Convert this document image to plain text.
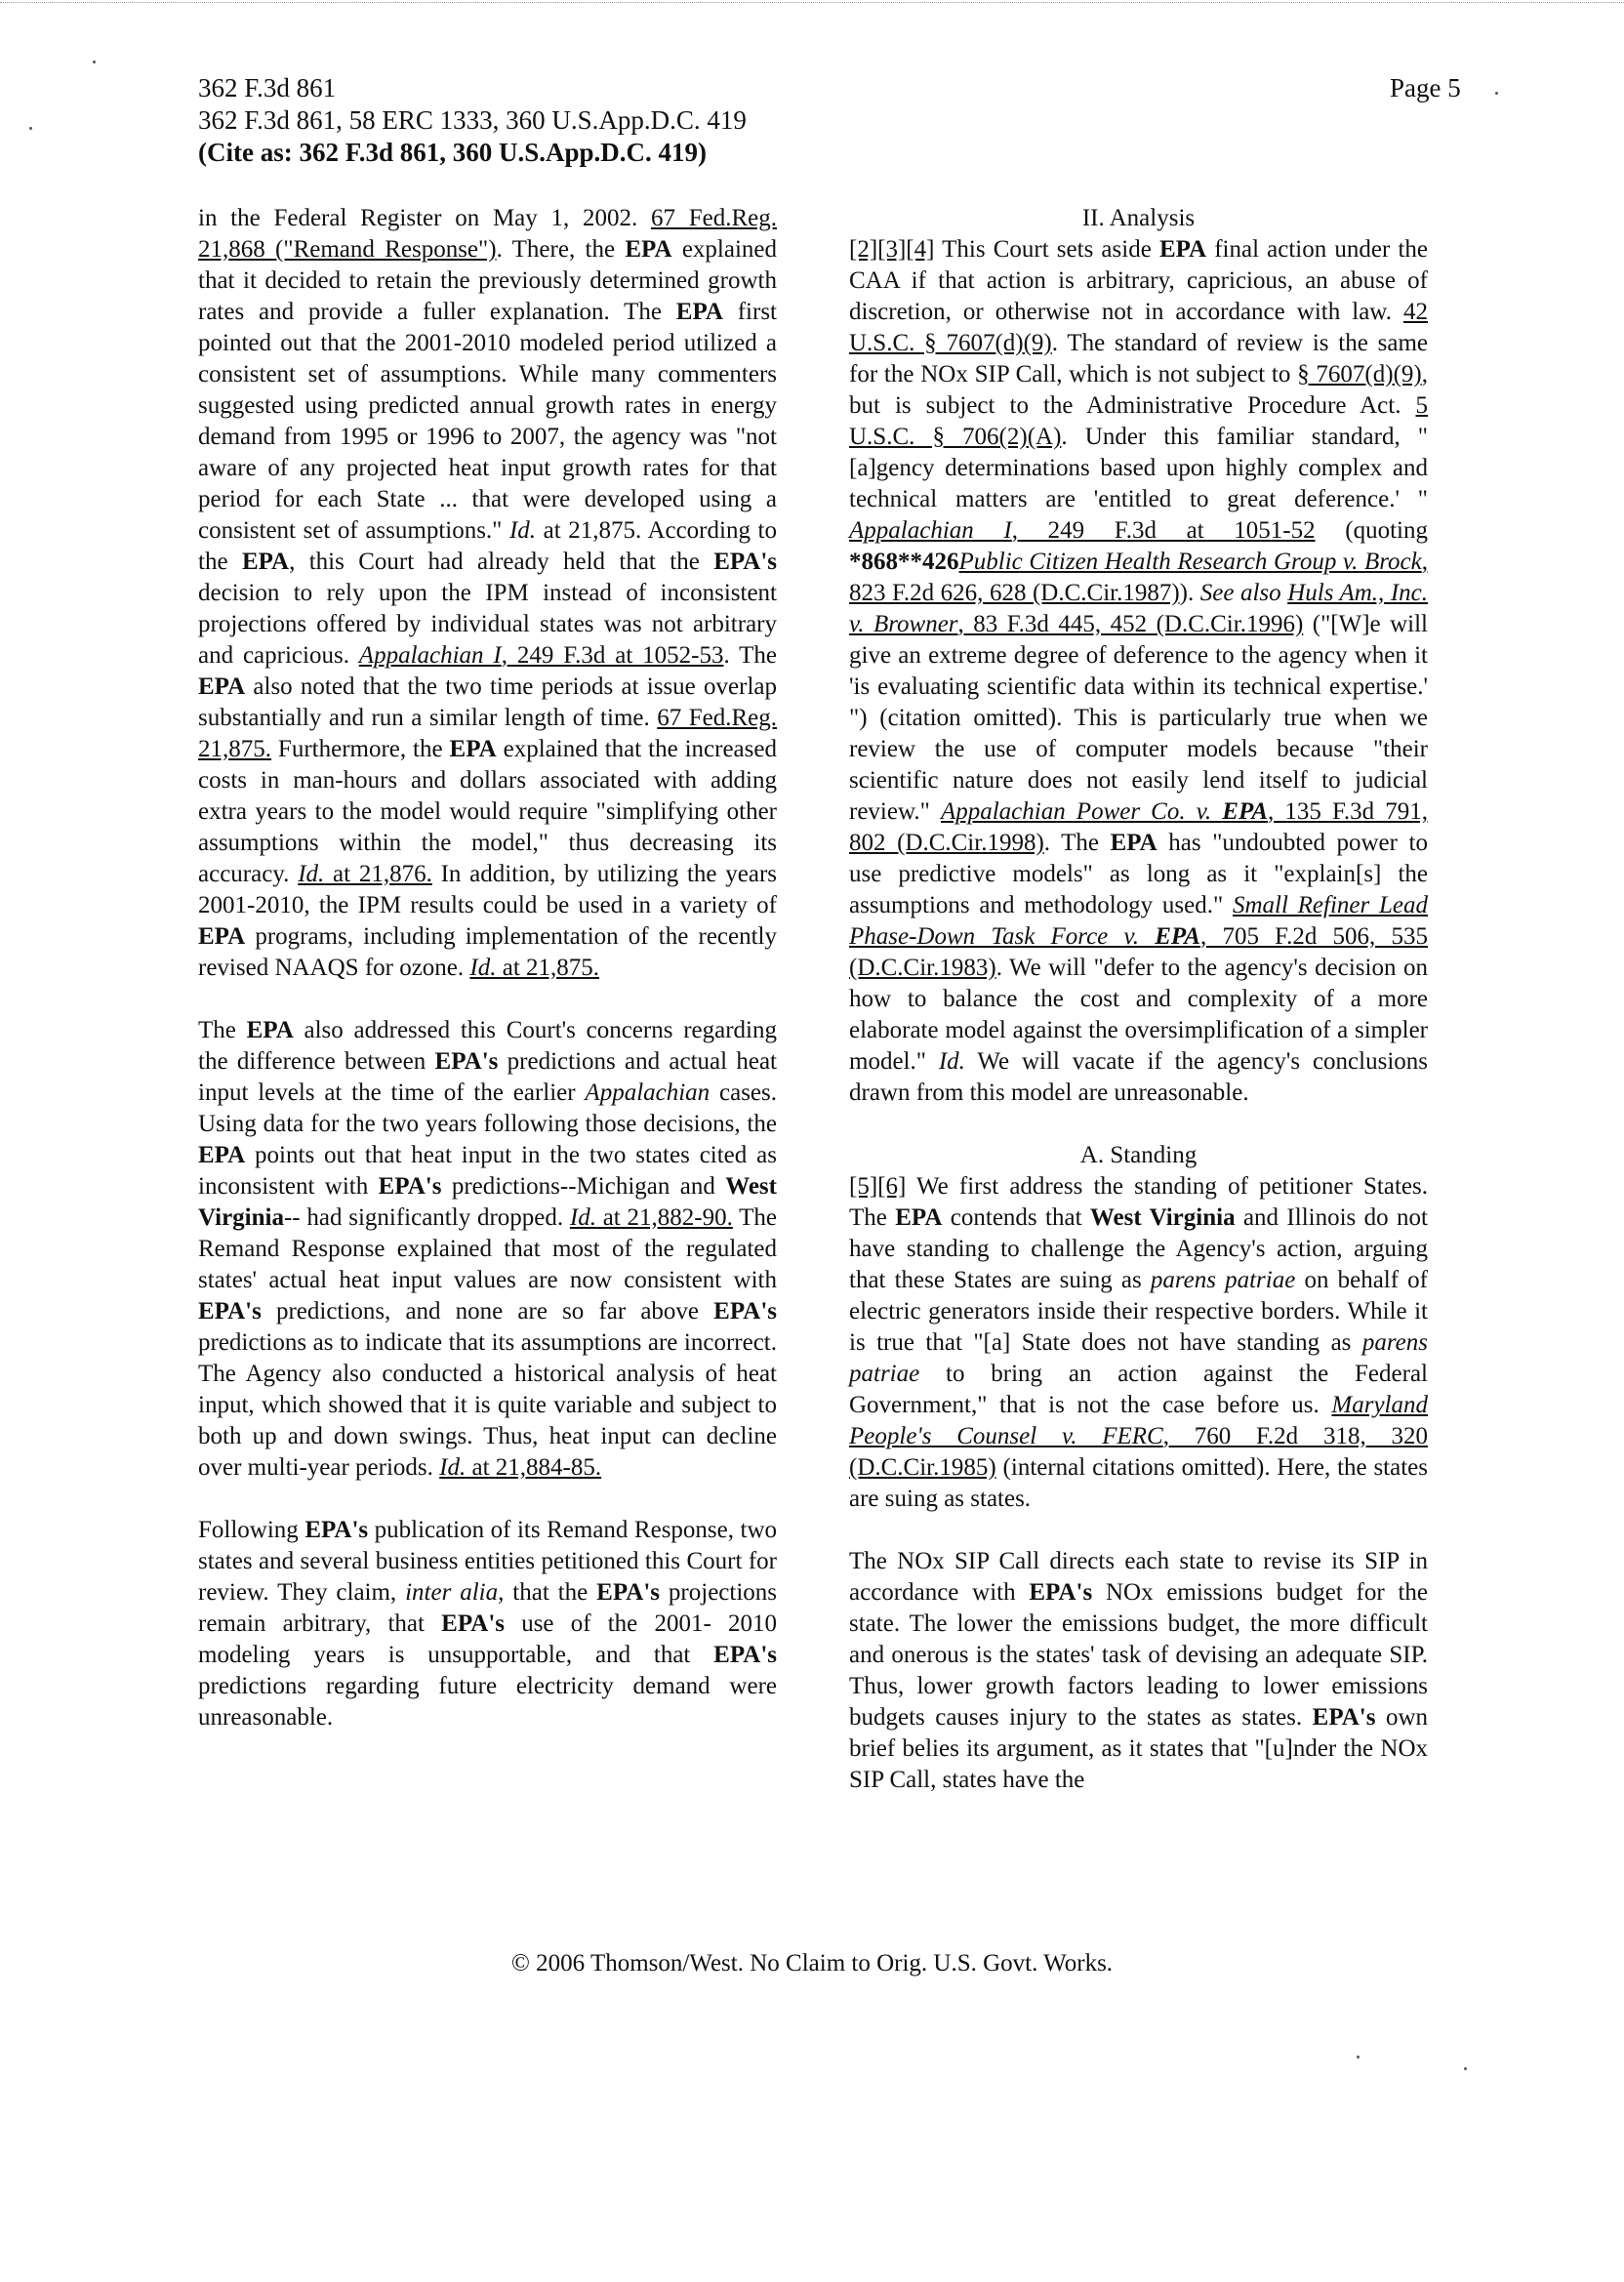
362 F.3d 861
362 F.3d 861, 58 ERC 1333, 360 U.S.App.D.C. 419
(Cite as: 362 F.3d 861, 360 U.S.App.D.C. 419)
Page 5

in the Federal Register on May 1, 2002. 67 Fed.Reg. 21,868 ("Remand Response"). There, the EPA explained that it decided to retain the previously determined growth rates and provide a fuller explanation. The EPA first pointed out that the 2001-2010 modeled period utilized a consistent set of assumptions. While many commenters suggested using predicted annual growth rates in energy demand from 1995 or 1996 to 2007, the agency was "not aware of any projected heat input growth rates for that period for each State ... that were developed using a consistent set of assumptions." Id. at 21,875. According to the EPA, this Court had already held that the EPA's decision to rely upon the IPM instead of inconsistent projections offered by individual states was not arbitrary and capricious. Appalachian I, 249 F.3d at 1052-53. The EPA also noted that the two time periods at issue overlap substantially and run a similar length of time. 67 Fed.Reg. 21,875. Furthermore, the EPA explained that the increased costs in man-hours and dollars associated with adding extra years to the model would require "simplifying other assumptions within the model," thus decreasing its accuracy. Id. at 21,876. In addition, by utilizing the years 2001-2010, the IPM results could be used in a variety of EPA programs, including implementation of the recently revised NAAQS for ozone. Id. at 21,875.

The EPA also addressed this Court's concerns regarding the difference between EPA's predictions and actual heat input levels at the time of the earlier Appalachian cases. Using data for the two years following those decisions, the EPA points out that heat input in the two states cited as inconsistent with EPA's predictions--Michigan and West Virginia-- had significantly dropped. Id. at 21,882-90. The Remand Response explained that most of the regulated states' actual heat input values are now consistent with EPA's predictions, and none are so far above EPA's predictions as to indicate that its assumptions are incorrect. The Agency also conducted a historical analysis of heat input, which showed that it is quite variable and subject to both up and down swings. Thus, heat input can decline over multi-year periods. Id. at 21,884-85.

Following EPA's publication of its Remand Response, two states and several business entities petitioned this Court for review. They claim, inter alia, that the EPA's projections remain arbitrary, that EPA's use of the 2001- 2010 modeling years is unsupportable, and that EPA's predictions regarding future electricity demand were unreasonable.

II. Analysis

[2][3][4] This Court sets aside EPA final action under the CAA if that action is arbitrary, capricious, an abuse of discretion, or otherwise not in accordance with law. 42 U.S.C. § 7607(d)(9). The standard of review is the same for the NOx SIP Call, which is not subject to § 7607(d)(9), but is subject to the Administrative Procedure Act. 5 U.S.C. § 706(2)(A). Under this familiar standard, "[a]gency determinations based upon highly complex and technical matters are 'entitled to great deference.' " Appalachian I, 249 F.3d at 1051-52 (quoting *868**426Public Citizen Health Research Group v. Brock, 823 F.2d 626, 628 (D.C.Cir.1987)). See also Huls Am., Inc. v. Browner, 83 F.3d 445, 452 (D.C.Cir.1996) ("[W]e will give an extreme degree of deference to the agency when it 'is evaluating scientific data within its technical expertise.' ") (citation omitted). This is particularly true when we review the use of computer models because "their scientific nature does not easily lend itself to judicial review." Appalachian Power Co. v. EPA, 135 F.3d 791, 802 (D.C.Cir.1998). The EPA has "undoubted power to use predictive models" as long as it "explain[s] the assumptions and methodology used." Small Refiner Lead Phase-Down Task Force v. EPA, 705 F.2d 506, 535 (D.C.Cir.1983). We will "defer to the agency's decision on how to balance the cost and complexity of a more elaborate model against the oversimplification of a simpler model." Id. We will vacate if the agency's conclusions drawn from this model are unreasonable.

A. Standing

[5][6] We first address the standing of petitioner States. The EPA contends that West Virginia and Illinois do not have standing to challenge the Agency's action, arguing that these States are suing as parens patriae on behalf of electric generators inside their respective borders. While it is true that "[a] State does not have standing as parens patriae to bring an action against the Federal Government," that is not the case before us. Maryland People's Counsel v. FERC, 760 F.2d 318, 320 (D.C.Cir.1985) (internal citations omitted). Here, the states are suing as states.

The NOx SIP Call directs each state to revise its SIP in accordance with EPA's NOx emissions budget for the state. The lower the emissions budget, the more difficult and onerous is the states' task of devising an adequate SIP. Thus, lower growth factors leading to lower emissions budgets causes injury to the states as states. EPA's own brief belies its argument, as it states that "[u]nder the NOx SIP Call, states have the

© 2006 Thomson/West. No Claim to Orig. U.S. Govt. Works.
